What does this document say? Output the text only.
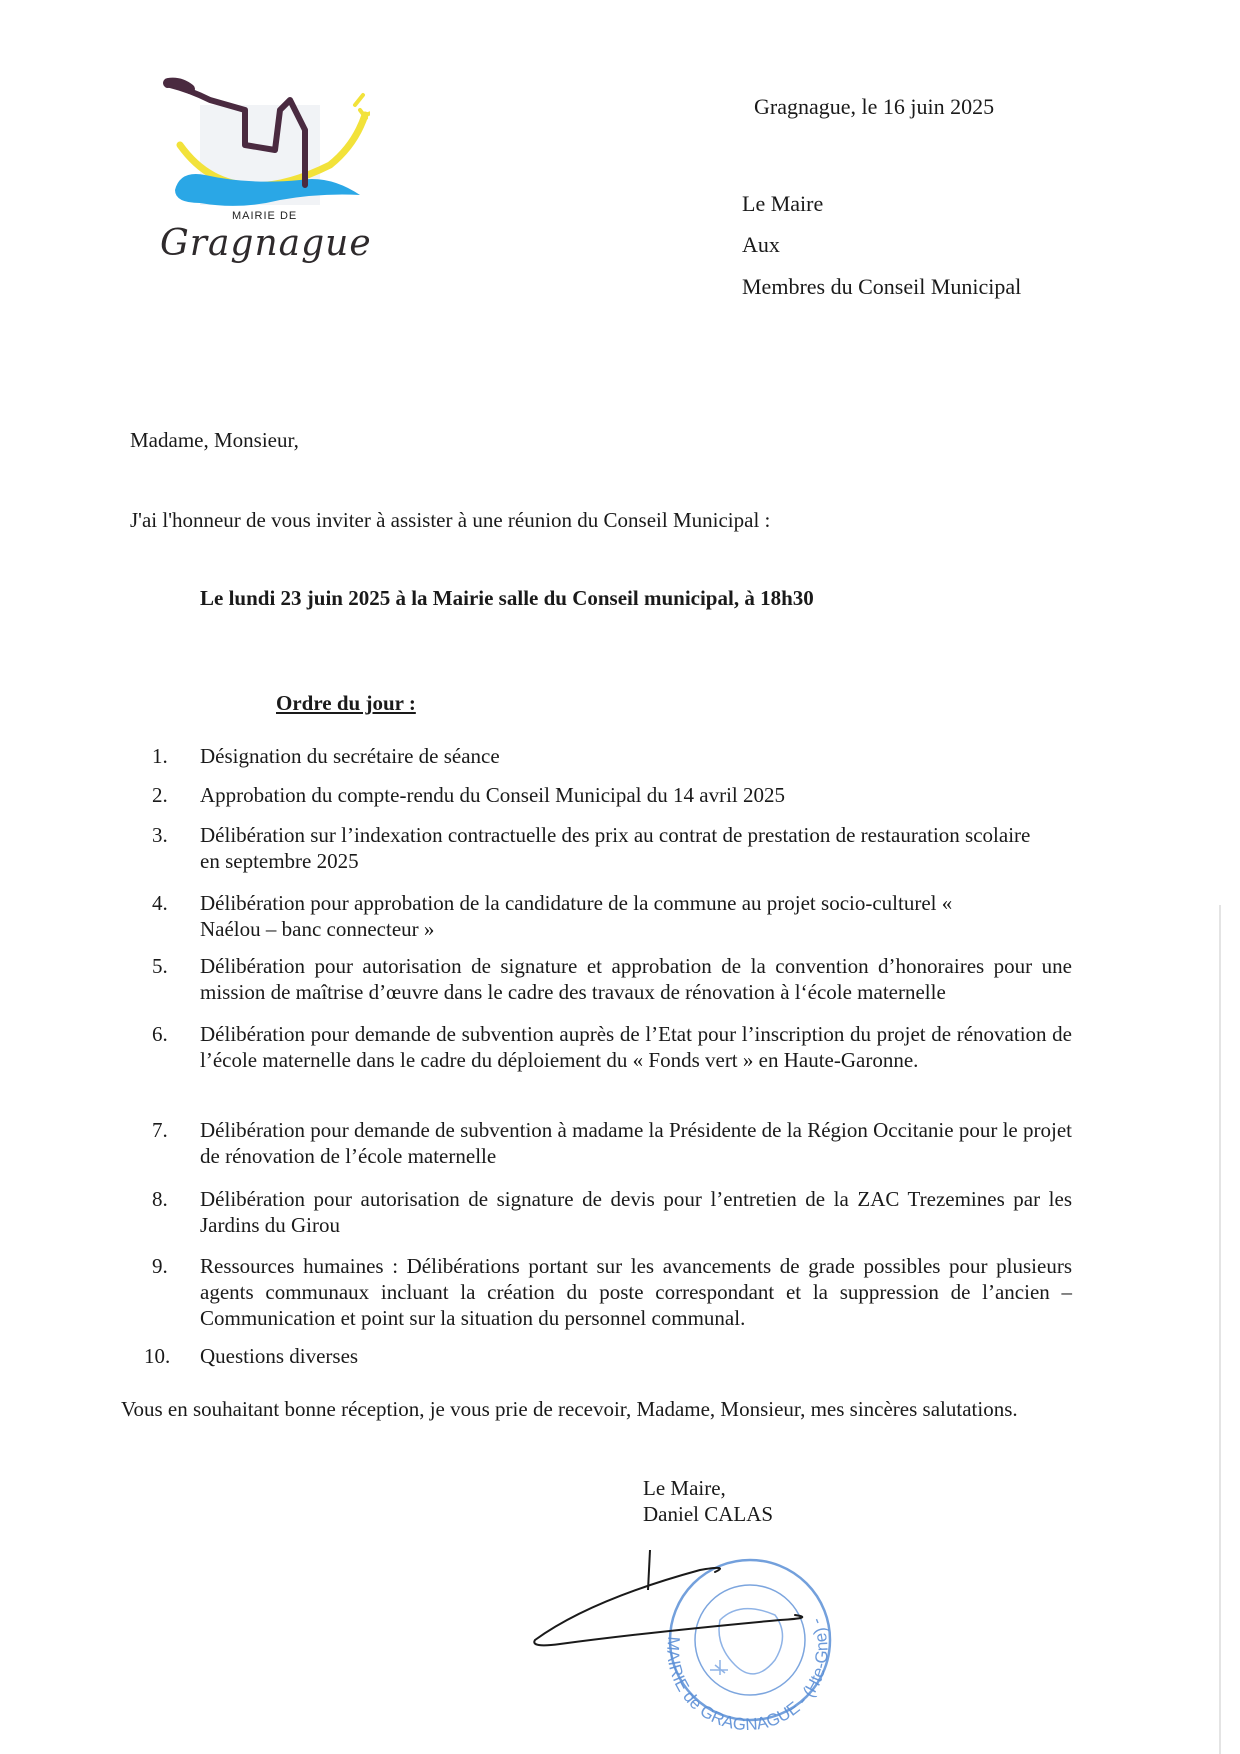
MAIRIE DE
Gragnague
Gragnague, le 16 juin 2025
Le Maire
Aux
Membres du Conseil Municipal
Madame, Monsieur,
J'ai l'honneur de vous inviter à assister à une réunion du Conseil Municipal :
Le lundi 23 juin 2025 à la Mairie salle du Conseil municipal, à 18h30
Ordre du jour :
1. Désignation du secrétaire de séance
2. Approbation du compte-rendu du Conseil Municipal du 14 avril 2025
3. Délibération sur l’indexation contractuelle des prix au contrat de prestation de restauration scolaire en septembre 2025
4. Délibération pour approbation de la candidature de la commune au projet socio-culturel « Naélou – banc connecteur »
5. Délibération pour autorisation de signature et approbation de la convention d’honoraires pour une mission de maîtrise d’œuvre dans le cadre des travaux de rénovation à l‘école maternelle
6. Délibération pour demande de subvention auprès de l’Etat pour l’inscription du projet de rénovation de l’école maternelle dans le cadre du déploiement du « Fonds vert » en Haute-Garonne.
7. Délibération pour demande de subvention à madame la Présidente de la Région Occitanie pour le projet de rénovation de l’école maternelle
8. Délibération pour autorisation de signature de devis pour l’entretien de la ZAC Trezemines par les Jardins du Girou
9. Ressources humaines : Délibérations portant sur les avancements de grade possibles pour plusieurs agents communaux incluant la création du poste correspondant et la suppression de l’ancien – Communication et point sur la situation du personnel communal.
10. Questions diverses
Vous en souhaitant bonne réception, je vous prie de recevoir, Madame, Monsieur, mes sincères salutations.
Le Maire,
Daniel CALAS
MAIRIE de GRAGNAGUE - (Hte-Gne) -
